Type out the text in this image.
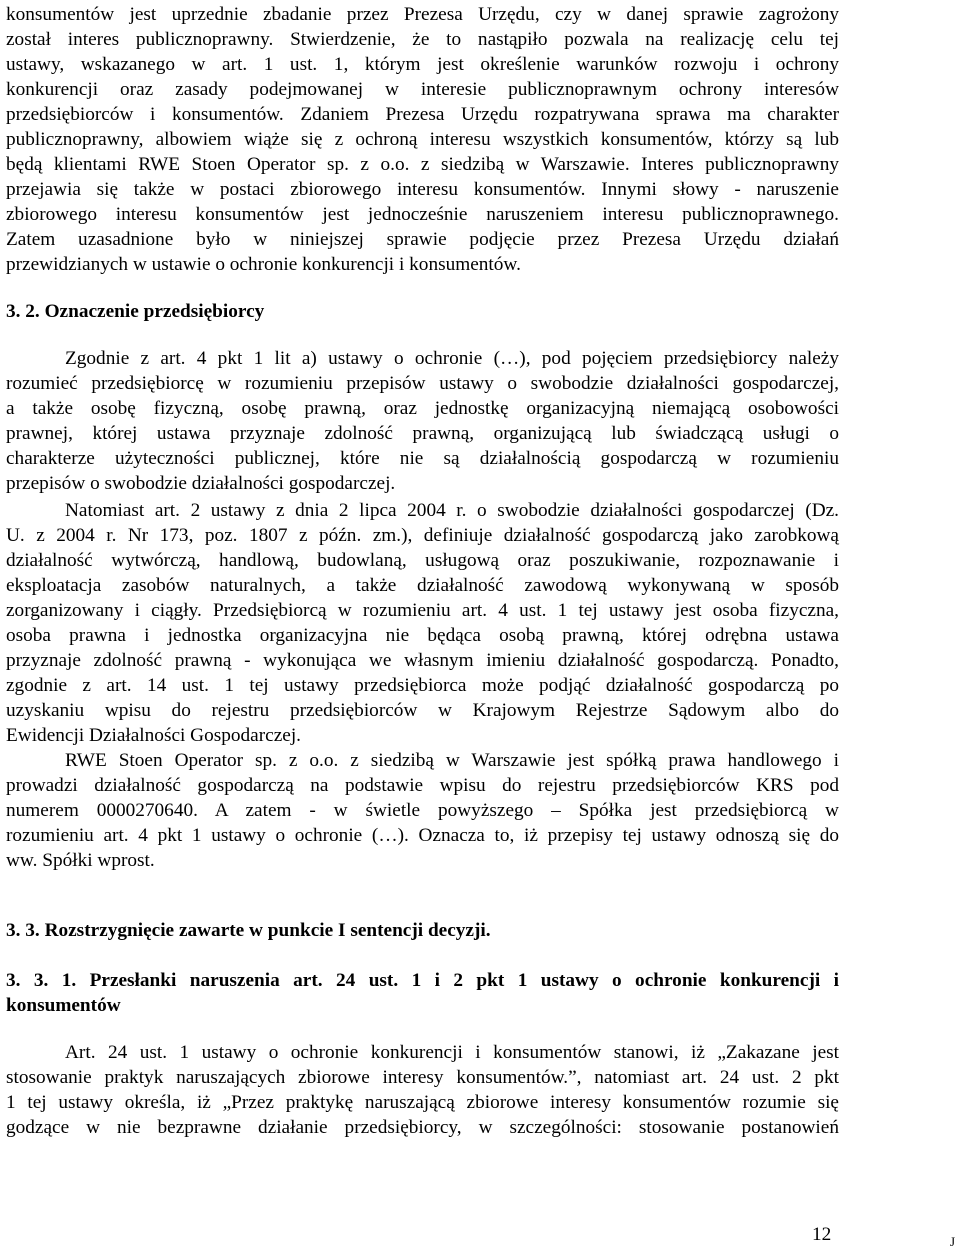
konsumentów jest uprzednie zbadanie przez Prezesa Urzędu, czy w danej sprawie zagrożony

został interes publicznoprawny. Stwierdzenie, że to nastąpiło pozwala na realizację celu tej

ustawy, wskazanego w art. 1 ust. 1, którym jest określenie warunków rozwoju i ochrony

konkurencji oraz zasady podejmowanej w interesie publicznoprawnym ochrony interesów

przedsiębiorców i konsumentów. Zdaniem Prezesa Urzędu rozpatrywana sprawa ma charakter

publicznoprawny, albowiem wiąże się z ochroną interesu wszystkich konsumentów, którzy są lub

będą klientami RWE Stoen Operator sp. z o.o. z siedzibą w Warszawie. Interes publicznoprawny

przejawia się także w postaci zbiorowego interesu konsumentów. Innymi słowy - naruszenie

zbiorowego interesu konsumentów jest jednocześnie naruszeniem interesu publicznoprawnego.

Zatem uzasadnione było w niniejszej sprawie podjęcie przez Prezesa Urzędu działań

przewidzianych w ustawie o ochronie konkurencji i konsumentów.

3. 2. Oznaczenie przedsiębiorcy

Zgodnie z art. 4 pkt 1 lit a) ustawy o ochronie (…), pod pojęciem przedsiębiorcy należy

rozumieć przedsiębiorcę w rozumieniu przepisów ustawy o swobodzie działalności gospodarczej,

a także osobę fizyczną, osobę prawną, oraz jednostkę organizacyjną niemającą osobowości

prawnej, której ustawa przyznaje zdolność prawną, organizującą lub świadczącą usługi o

charakterze użyteczności publicznej, które nie są działalnością gospodarczą w rozumieniu

przepisów o swobodzie działalności gospodarczej.

Natomiast art. 2 ustawy z dnia 2 lipca 2004 r. o swobodzie działalności gospodarczej (Dz.

U. z 2004 r. Nr 173, poz. 1807 z późn. zm.), definiuje działalność gospodarczą jako zarobkową

działalność wytwórczą, handlową, budowlaną, usługową oraz poszukiwanie, rozpoznawanie i

eksploatacja zasobów naturalnych, a także działalność zawodową wykonywaną w sposób

zorganizowany i ciągły. Przedsiębiorcą w rozumieniu art. 4 ust. 1 tej ustawy jest osoba fizyczna,

osoba prawna i jednostka organizacyjna nie będąca osobą prawną, której odrębna ustawa

przyznaje zdolność prawną - wykonująca we własnym imieniu działalność gospodarczą. Ponadto,

zgodnie z art. 14 ust. 1 tej ustawy przedsiębiorca może podjąć działalność gospodarczą po

uzyskaniu wpisu do rejestru przedsiębiorców w Krajowym Rejestrze Sądowym albo do

Ewidencji Działalności Gospodarczej.

RWE Stoen Operator sp. z o.o. z siedzibą w Warszawie jest spółką prawa handlowego i

prowadzi działalność gospodarczą na podstawie wpisu do rejestru przedsiębiorców KRS pod

numerem 0000270640. A zatem - w świetle powyższego – Spółka jest przedsiębiorcą w

rozumieniu art. 4 pkt 1 ustawy o ochronie (…). Oznacza to, iż przepisy tej ustawy odnoszą się do

ww. Spółki wprost.

3. 3. Rozstrzygnięcie zawarte w punkcie I sentencji decyzji.

3. 3. 1. Przesłanki naruszenia art. 24 ust. 1 i 2 pkt 1 ustawy o ochronie konkurencji i

konsumentów

Art. 24 ust. 1 ustawy o ochronie konkurencji i konsumentów stanowi, iż „Zakazane jest

stosowanie praktyk naruszających zbiorowe interesy konsumentów.”, natomiast art. 24 ust. 2 pkt

1 tej ustawy określa, iż „Przez praktykę naruszającą zbiorowe interesy konsumentów rozumie się

godzące w nie bezprawne działanie przedsiębiorcy, w szczególności: stosowanie postanowień

12	J
